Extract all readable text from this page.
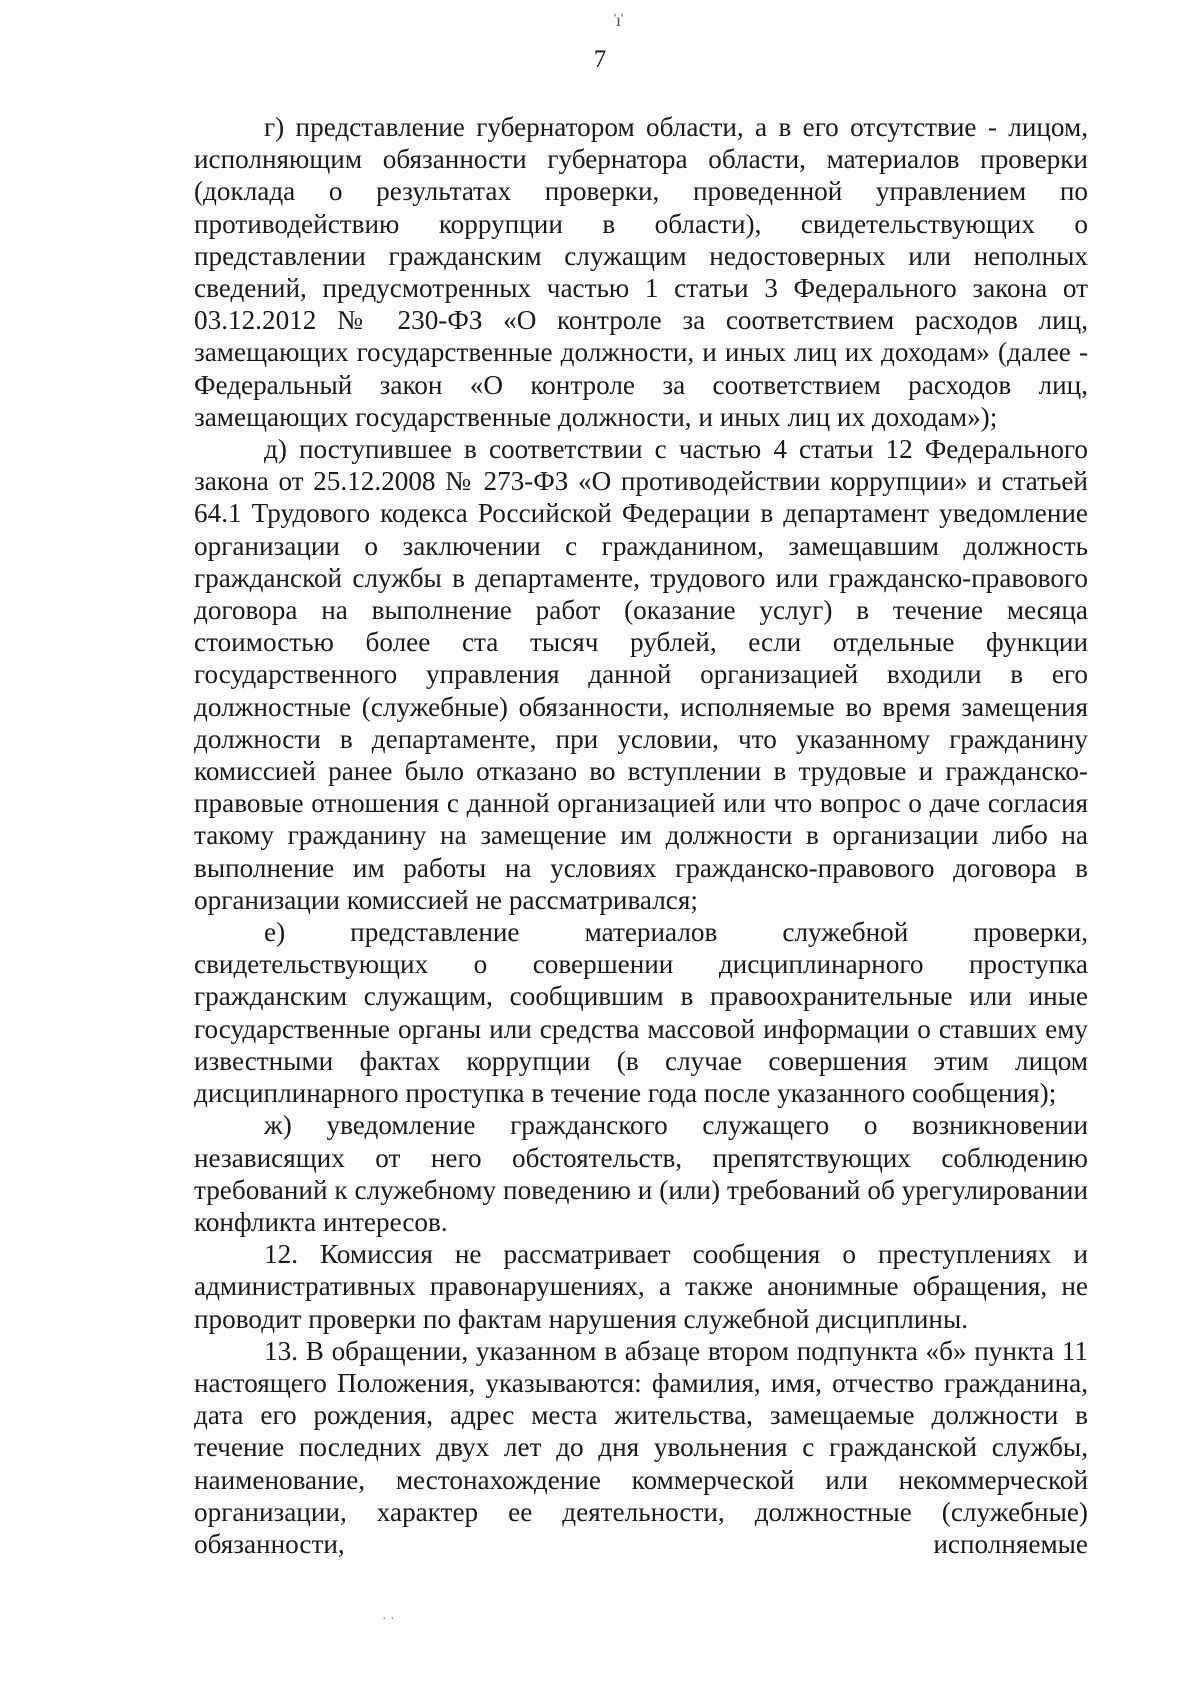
ˈıˈ
7

г) представление губернатором области, а в его отсутствие - лицом, исполняющим обязанности губернатора области, материалов проверки (доклада о результатах проверки, проведенной управлением по противодействию коррупции в области), свидетельствующих о представлении гражданским служащим недостоверных или неполных сведений, предусмотренных частью 1 статьи 3 Федерального закона от 03.12.2012 № 230-ФЗ «О контроле за соответствием расходов лиц, замещающих государственные должности, и иных лиц их доходам» (далее - Федеральный закон «О контроле за соответствием расходов лиц, замещающих государственные должности, и иных лиц их доходам»);

д) поступившее в соответствии с частью 4 статьи 12 Федерального закона от 25.12.2008 № 273-ФЗ «О противодействии коррупции» и статьей 64.1 Трудового кодекса Российской Федерации в департамент уведомление организации о заключении с гражданином, замещавшим должность гражданской службы в департаменте, трудового или гражданско-правового договора на выполнение работ (оказание услуг) в течение месяца стоимостью более ста тысяч рублей, если отдельные функции государственного управления данной организацией входили в его должностные (служебные) обязанности, исполняемые во время замещения должности в департаменте, при условии, что указанному гражданину комиссией ранее было отказано во вступлении в трудовые и гражданско-правовые отношения с данной организацией или что вопрос о даче согласия такому гражданину на замещение им должности в организации либо на выполнение им работы на условиях гражданско-правового договора в организации комиссией не рассматривался;

е) представление материалов служебной проверки, свидетельствующих о совершении дисциплинарного проступка гражданским служащим, сообщившим в правоохранительные или иные государственные органы или средства массовой информации о ставших ему известными фактах коррупции (в случае совершения этим лицом дисциплинарного проступка в течение года после указанного сообщения);

ж) уведомление гражданского служащего о возникновении независящих от него обстоятельств, препятствующих соблюдению требований к служебному поведению и (или) требований об урегулировании конфликта интересов.

12. Комиссия не рассматривает сообщения о преступлениях и административных правонарушениях, а также анонимные обращения, не проводит проверки по фактам нарушения служебной дисциплины.

13. В обращении, указанном в абзаце втором подпункта «б» пункта 11 настоящего Положения, указываются: фамилия, имя, отчество гражданина, дата его рождения, адрес места жительства, замещаемые должности в течение последних двух лет до дня увольнения с гражданской службы, наименование, местонахождение коммерческой или некоммерческой организации, характер ее деятельности, должностные (служебные) обязанности, исполняемые

· ·
